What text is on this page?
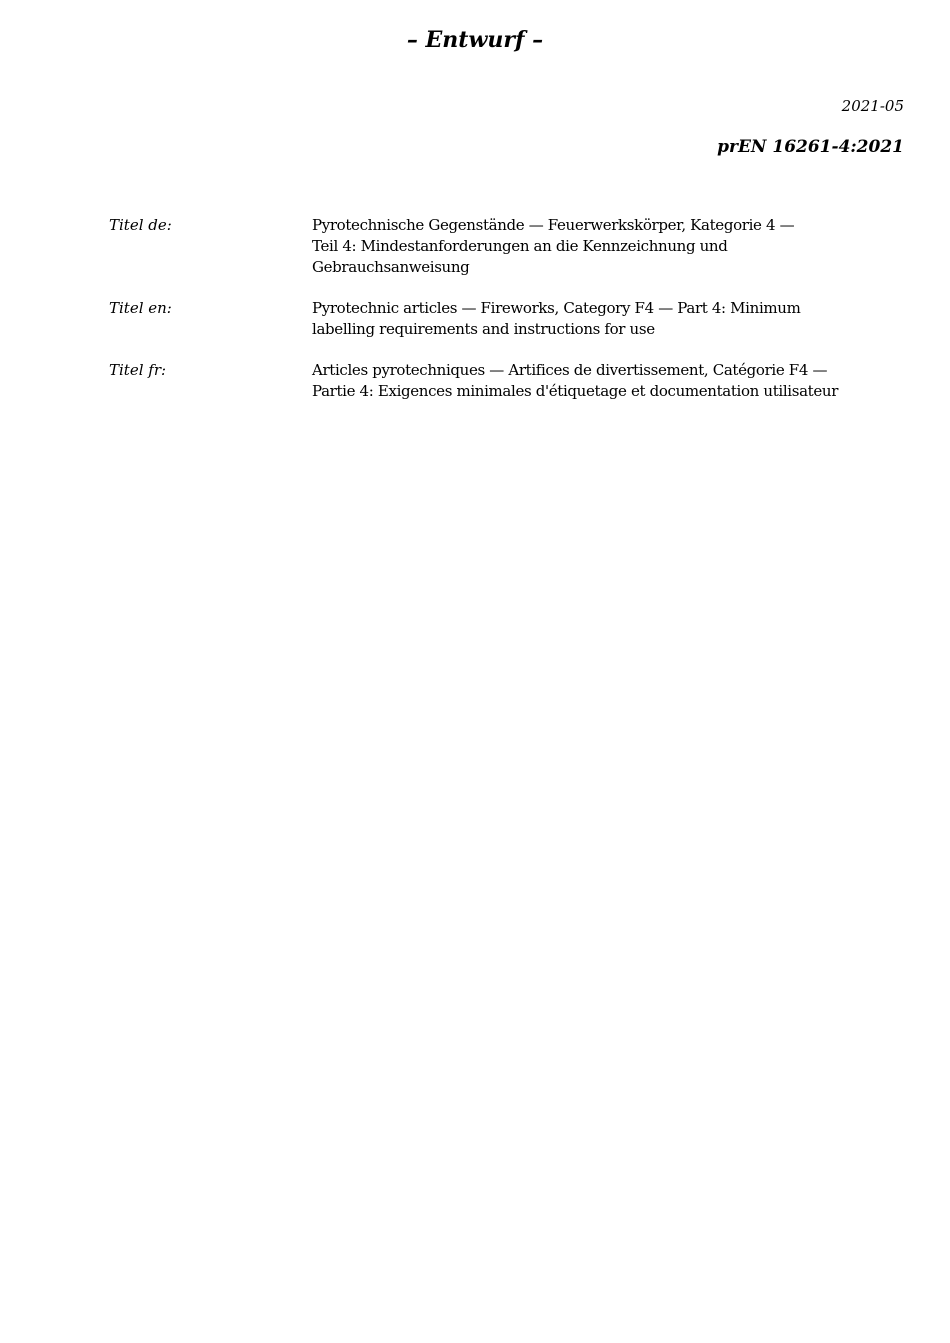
– Entwurf –
2021-05
prEN 16261-4:2021
Titel de:	Pyrotechnische Gegenstände — Feuerwerkskörper, Kategorie 4 —
Teil 4: Mindestanforderungen an die Kennzeichnung und
Gebrauchsanweisung
Titel en:	Pyrotechnic articles — Fireworks, Category F4 — Part 4: Minimum
labelling requirements and instructions for use
Titel fr:	Articles pyrotechniques — Artifices de divertissement, Catégorie F4 —
Partie 4: Exigences minimales d'étiquetage et documentation utilisateur
